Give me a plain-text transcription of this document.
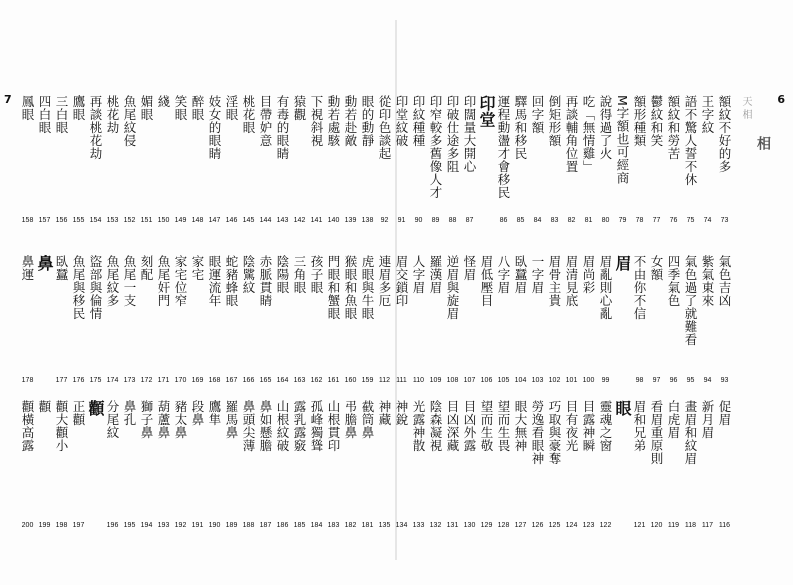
7	眼的動靜
138
動若赴敵
139
動若處駭
140
下視斜視
141
猿觀
142
有毒的眼睛
143
目帶妒意
144
桃花眼
145
淫眼
146
妓女的眼睛
147
醉眼
148
笑眼
149
綫
150
媚眼
151
魚尾紋侵
152
桃花劫
153
再談桃花劫
154
鷹眼
155
三白眼
156
四白眼
157
鳳眼
158
虎眼與牛眼
159
猴眼和魚眼
160
門眼和蟹眼
161
孩子眼
162
三角眼
163
陰陽眼
164
赤脈貫睛
165
陰騭紋
166
蛇豬蜂眼
167
眼運流年
168
家宅
169
家宅位窄
170
魚尾奸門
171
刻配
172
魚尾一支
173
魚尾紋多
174
盜部與倫情
175
魚尾與移民
176
臥蠶
177
鼻
鼻運
178
截筒鼻
181
弔膽鼻
182
山根貫印
183
孤峰獨聳
184
露乳露竅
185
山根紋破
186
鼻如懸膽
187
鼻頭尖薄
188
羅馬鼻
189
鷹隼
190
段鼻
191
豬太鼻
192
葫蘆鼻
193
獅子鼻
194
鼻孔
195
分尾紋
196
顴
正顴
197
顴大顴小
198
顴
199
顴橫高露
200
6
天 相
相
額紋不好的多
73
王字紋
74
語不驚人誓不休
75
額紋和勞苦
76
鬱紋和笑
77
額形種類
78
M字額也可經商
79
說得過了火
80
吃「無情雞」
81
再談輔角位置
82
倒矩形額
83
回字額
84
驛馬和移民
85
運程動盪才會移民
86
印堂
印闊量大開心
87
印破仕途多阻
88
印窄較多舊像人才
89
印紋種種
90
印堂紋破
91
從印色談起
92
氣色吉凶
93
紫氣東來
94
氣色過了就難看
95
四季氣色
96
女額
97
不由你不信
98
眉
眉亂則心亂
99
眉尚彩
100
眉清見底
101
眉骨主貴
102
一字眉
103
臥蠶眉
104
八字眉
105
眉低壓目
106
怪眉
107
逆眉與旋眉
108
羅漢眉
109
人字眉
110
眉交鎖印
111
連眉多厄
112
促眉
116
新月眉
117
畫眉和紋眉
118
白虎眉
119
看眉重原則
120
眉和兄弟
121
眼
靈魂之窗
122
目露神瞬
123
目有夜光
124
巧取與豪奪
125
勞逸看眼神
126
眼大無神
127
望而生畏
128
望而生敬
129
目凶外露
130
目凶深藏
131
陰森凝視
132
光露神散
133
神銳
134
神藏
135
